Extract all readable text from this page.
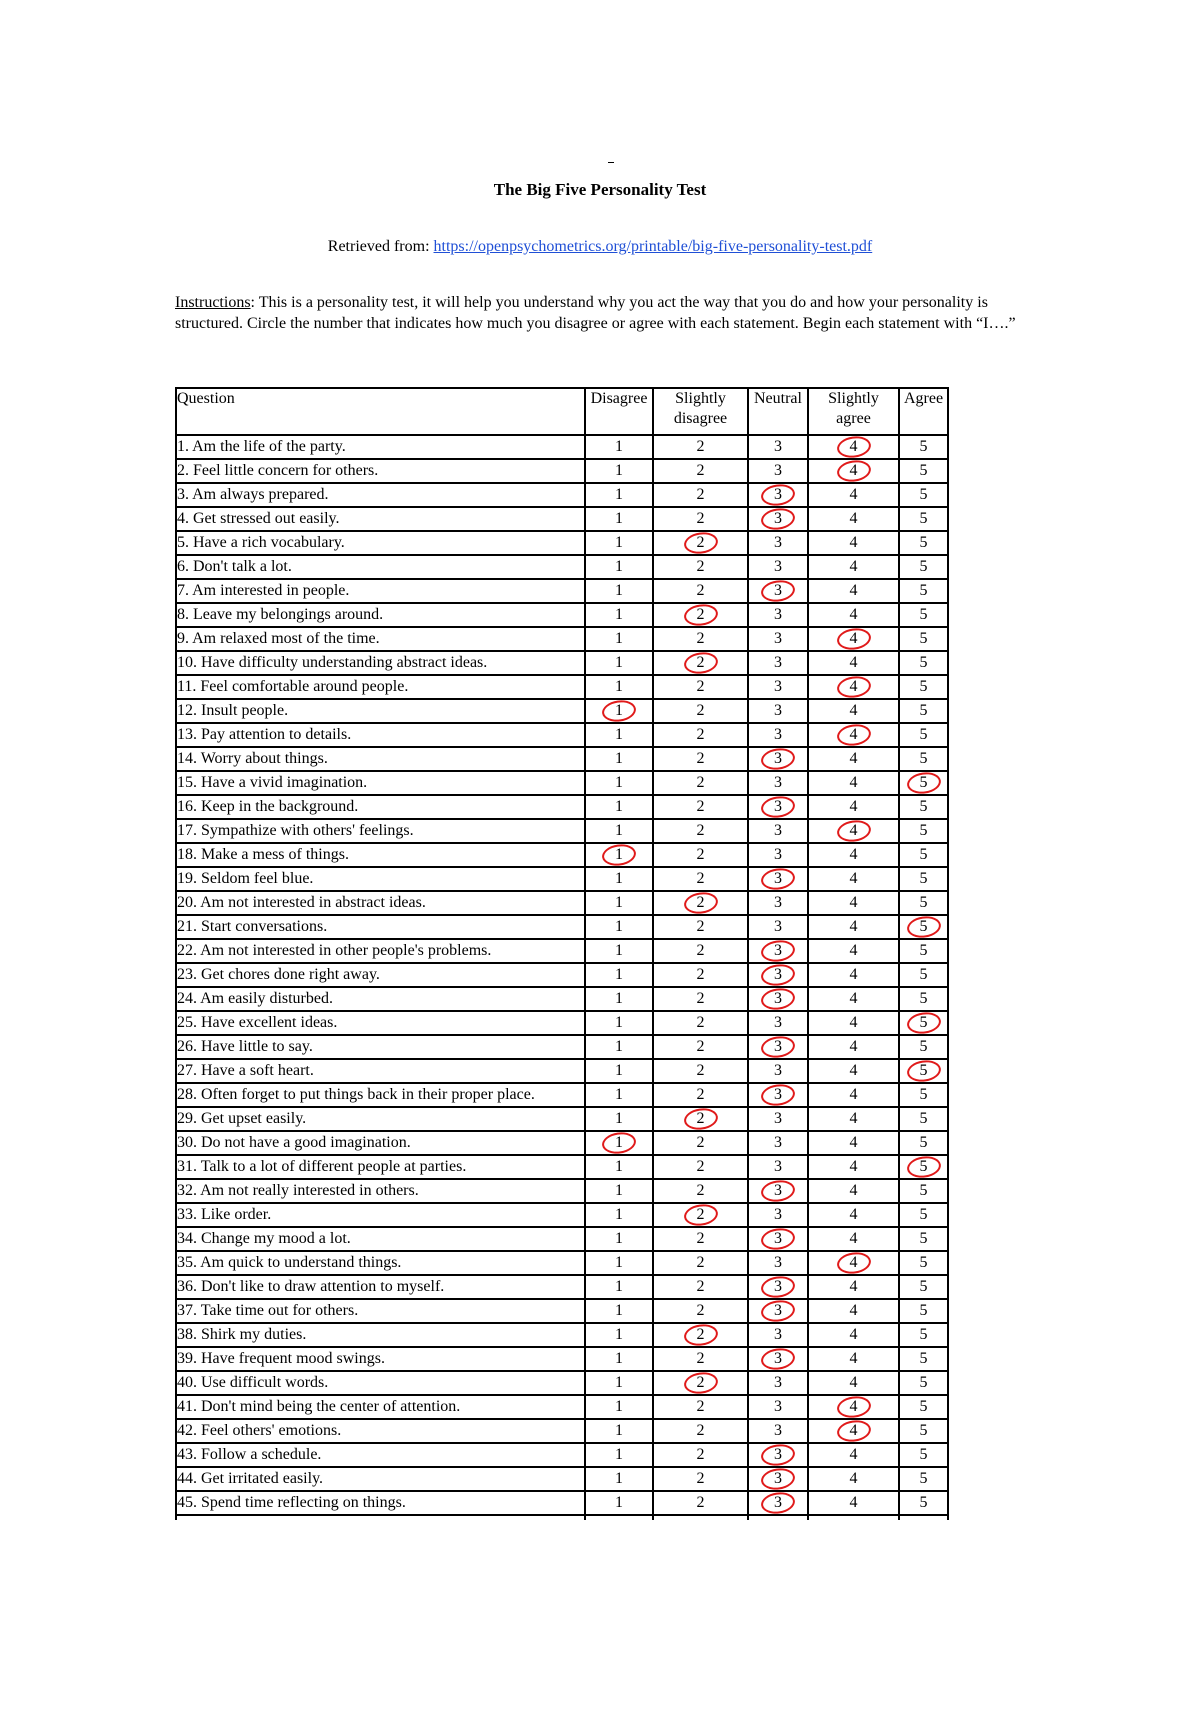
The Big Five Personality Test
Retrieved from: https://openpsychometrics.org/printable/big-five-personality-test.pdf
Instructions: This is a personality test, it will help you understand why you act the way that you do and how your personality is structured. Circle the number that indicates how much you disagree or agree with each statement. Begin each statement with “I….”
Question	Disagree	Slightly disagree	Neutral	Slightly agree	Agree
1. Am the life of the party.	1	2	3	4	5
2. Feel little concern for others.	1	2	3	4	5
3. Am always prepared.	1	2	3	4	5
4. Get stressed out easily.	1	2	3	4	5
5. Have a rich vocabulary.	1	2	3	4	5
6. Don't talk a lot.	1	2	3	4	5
7. Am interested in people.	1	2	3	4	5
8. Leave my belongings around.	1	2	3	4	5
9. Am relaxed most of the time.	1	2	3	4	5
10. Have difficulty understanding abstract ideas.	1	2	3	4	5
11. Feel comfortable around people.	1	2	3	4	5
12. Insult people.	1	2	3	4	5
13. Pay attention to details.	1	2	3	4	5
14. Worry about things.	1	2	3	4	5
15. Have a vivid imagination.	1	2	3	4	5

16. Keep in the background.	1	2	3	4	5
17. Sympathize with others' feelings.	1	2	3	4	5
18. Make a mess of things.	1	2	3	4	5
19. Seldom feel blue.	1	2	3	4	5
20. Am not interested in abstract ideas.	1	2	3	4	5
21. Start conversations.	1	2	3	4	5

22. Am not interested in other people's problems.	1	2	3	4	5
23. Get chores done right away.	1	2	3	4	5
24. Am easily disturbed.	1	2	3	4	5
25. Have excellent ideas.	1	2	3	4	5

26. Have little to say.	1	2	3	4	5
27. Have a soft heart.	1	2	3	4	5

28. Often forget to put things back in their proper place.	1	2	3	4	5
29. Get upset easily.	1	2	3	4	5
30. Do not have a good imagination.	1	2	3	4	5
31. Talk to a lot of different people at parties.	1	2	3	4	5

32. Am not really interested in others.	1	2	3	4	5
33. Like order.	1	2	3	4	5
34. Change my mood a lot.	1	2	3	4	5
35. Am quick to understand things.	1	2	3	4	5
36. Don't like to draw attention to myself.	1	2	3	4	5
37. Take time out for others.	1	2	3	4	5
38. Shirk my duties.	1	2	3	4	5
39. Have frequent mood swings.	1	2	3	4	5
40. Use difficult words.	1	2	3	4	5
41. Don't mind being the center of attention.	1	2	3	4	5
42. Feel others' emotions.	1	2	3	4	5
43. Follow a schedule.	1	2	3	4	5
44. Get irritated easily.	1	2	3	4	5
45. Spend time reflecting on things.	1	2	3	4	5
